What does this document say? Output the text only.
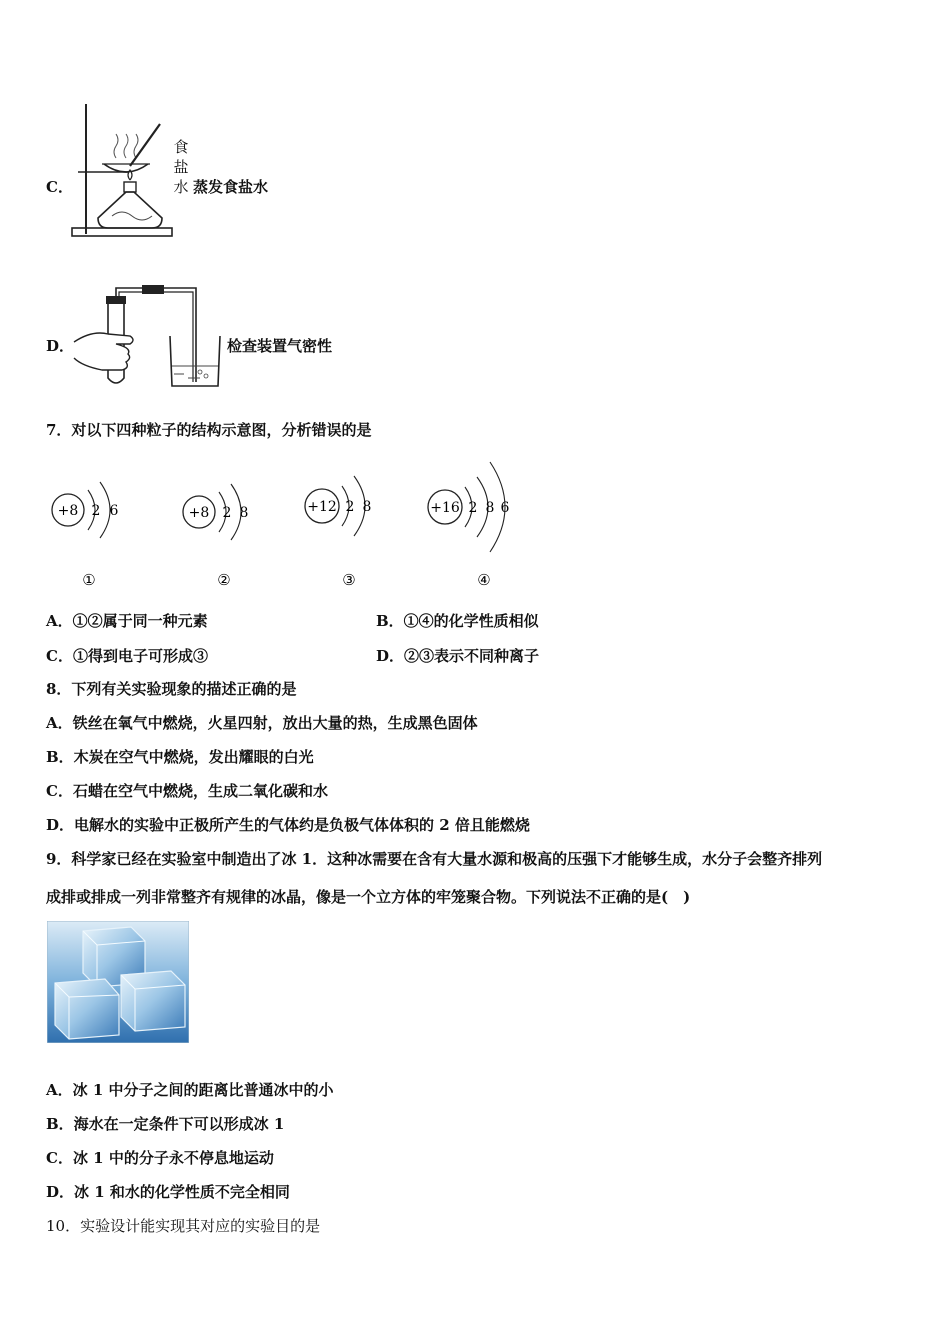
C．
食
盐
水 蒸发食盐水
D．	检查装置气密性
7．对以下四种粒子的结构示意图，分析错误的是
+8 2 6
①
+8 2 8
②
+12 2 8
③
+16 2 8 6
④
A．①②属于同一种元素	B．①④的化学性质相似
C．①得到电子可形成③	D．②③表示不同种离子
8．下列有关实验现象的描述正确的是
A．铁丝在氧气中燃烧，火星四射，放出大量的热，生成黑色固体
B．木炭在空气中燃烧，发出耀眼的白光
C．石蜡在空气中燃烧，生成二氧化碳和水
D．电解水的实验中正极所产生的气体约是负极气体体积的 2 倍且能燃烧
9．科学家已经在实验室中制造出了冰 1．这种冰需要在含有大量水源和极高的压强下才能够生成，水分子会整齐排列
成排或排成一列非常整齐有规律的冰晶，像是一个立方体的牢笼聚合物。下列说法不正确的是(　)
A．冰 1 中分子之间的距离比普通冰中的小
B．海水在一定条件下可以形成冰 1
C．冰 1 中的分子永不停息地运动
D．冰 1 和水的化学性质不完全相同
10．实验设计能实现其对应的实验目的是
